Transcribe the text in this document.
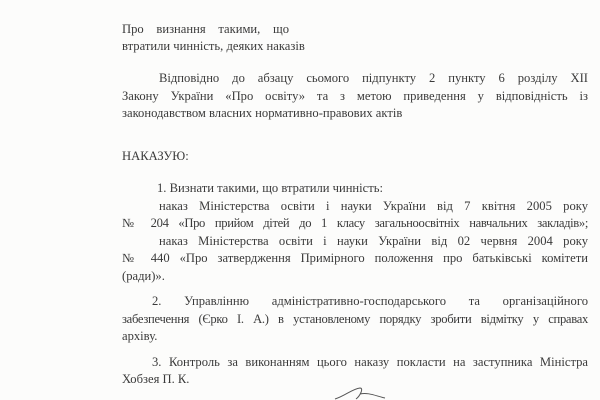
Про визнання такими, що
втратили чинність, деяких наказів
Відповідно до абзацу сьомого підпункту 2 пункту 6 розділу XII
Закону України «Про освіту» та з метою приведення у відповідність із
законодавством власних нормативно-правових актів
НАКАЗУЮ:
1. Визнати такими, що втратили чинність:
наказ Міністерства освіти і науки України від 7 квітня 2005 року
№ 204 «Про прийом дітей до 1 класу загальноосвітніх навчальних закладів»;
наказ Міністерства освіти і науки України від 02 червня 2004 року
№ 440 «Про затвердження Примірного положення про батьківські комітети
(ради)».
2. Управлінню адміністративно-господарського та організаційного
забезпечення (Єрко І. А.) в установленому порядку зробити відмітку у справах
архіву.
3. Контроль за виконанням цього наказу покласти на заступника Міністра
Хобзея П. К.
